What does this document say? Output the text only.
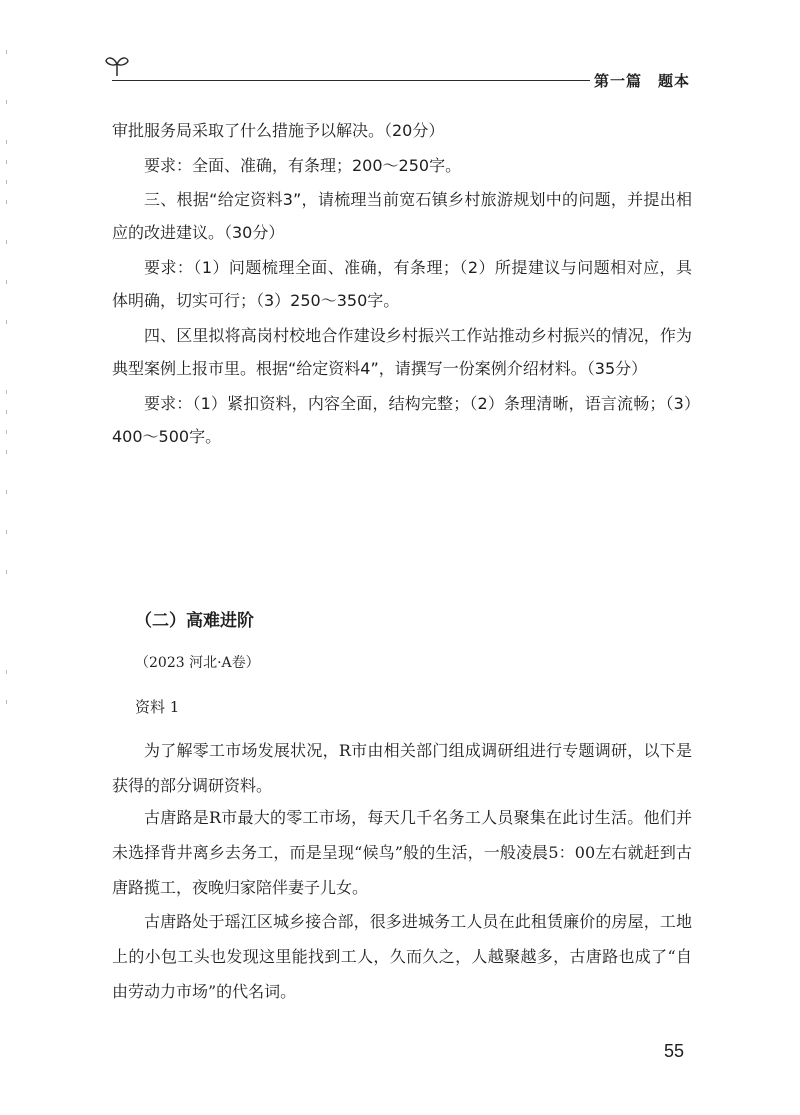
第一篇　题本

审批服务局采取了什么措施予以解决。（20分）

要求：全面、准确，有条理；200～250字。

三、根据“给定资料3”，请梳理当前宽石镇乡村旅游规划中的问题，并提出相应的改进建议。（30分）

要求：（1）问题梳理全面、准确，有条理；（2）所提建议与问题相对应，具体明确，切实可行；（3）250～350字。

四、区里拟将高岗村校地合作建设乡村振兴工作站推动乡村振兴的情况，作为典型案例上报市里。根据“给定资料4”，请撰写一份案例介绍材料。（35分）

要求：（1）紧扣资料，内容全面，结构完整；（2）条理清晰，语言流畅；（3）400～500字。

（二）高难进阶

（2023 河北·A卷）

资料 1

为了解零工市场发展状况，R市由相关部门组成调研组进行专题调研，以下是获得的部分调研资料。

古唐路是R市最大的零工市场，每天几千名务工人员聚集在此讨生活。他们并未选择背井离乡去务工，而是呈现“候鸟”般的生活，一般凌晨5：00左右就赶到古唐路揽工，夜晚归家陪伴妻子儿女。

古唐路处于瑶江区城乡接合部，很多进城务工人员在此租赁廉价的房屋，工地上的小包工头也发现这里能找到工人，久而久之，人越聚越多，古唐路也成了“自由劳动力市场”的代名词。

55
